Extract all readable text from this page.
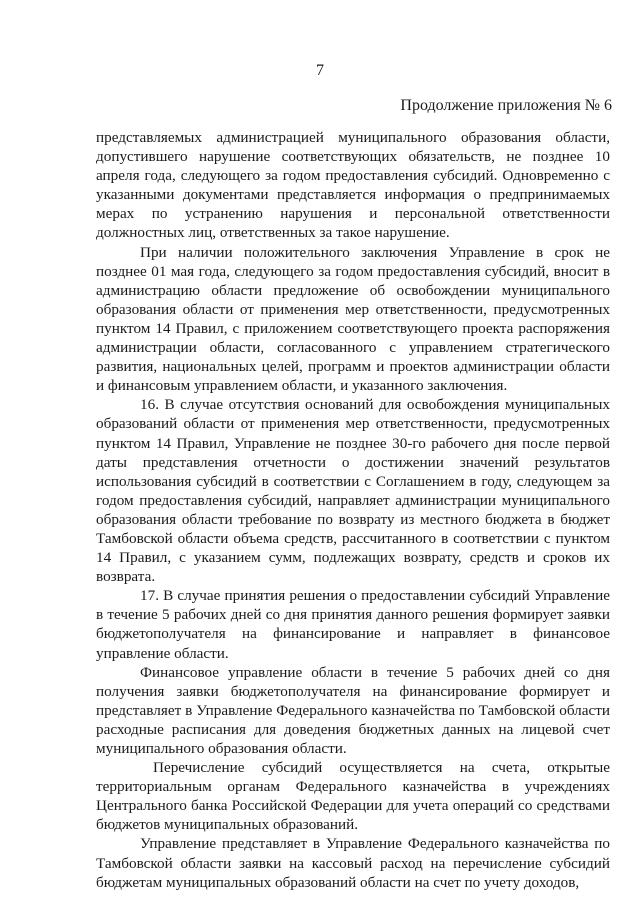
7
Продолжение приложения № 6

представляемых администрацией муниципального образования области, допустившего нарушение соответствующих обязательств, не позднее 10 апреля года, следующего за годом предоставления субсидий. Одновременно с указанными документами представляется информация о предпринимаемых мерах по устранению нарушения и персональной ответственности должностных лиц, ответственных за такое нарушение.

При наличии положительного заключения Управление в срок не позднее 01 мая года, следующего за годом предоставления субсидий, вносит в администрацию области предложение об освобождении муниципального образования области от применения мер ответственности, предусмотренных пунктом 14 Правил, с приложением соответствующего проекта распоряжения администрации области, согласованного с управлением стратегического развития, национальных целей, программ и проектов администрации области и финансовым управлением области, и указанного заключения.

16. В случае отсутствия оснований для освобождения муниципальных образований области от применения мер ответственности, предусмотренных пунктом 14 Правил, Управление не позднее 30-го рабочего дня после первой даты представления отчетности о достижении значений результатов использования субсидий в соответствии с Соглашением в году, следующем за годом предоставления субсидий, направляет администрации муниципального образования области требование по возврату из местного бюджета в бюджет Тамбовской области объема средств, рассчитанного в соответствии с пунктом 14 Правил, с указанием сумм, подлежащих возврату, средств и сроков их возврата.

17. В случае принятия решения о предоставлении субсидий Управление в течение 5 рабочих дней со дня принятия данного решения формирует заявки бюджетополучателя на финансирование и направляет в финансовое управление области.

Финансовое управление области в течение 5 рабочих дней со дня получения заявки бюджетополучателя на финансирование формирует и представляет в Управление Федерального казначейства по Тамбовской области расходные расписания для доведения бюджетных данных на лицевой счет муниципального образования области.

Перечисление субсидий осуществляется на счета, открытые территориальным органам Федерального казначейства в учреждениях Центрального банка Российской Федерации для учета операций со средствами бюджетов муниципальных образований.

Управление представляет в Управление Федерального казначейства по Тамбовской области заявки на кассовый расход на перечисление субсидий бюджетам муниципальных образований области на счет по учету доходов,
